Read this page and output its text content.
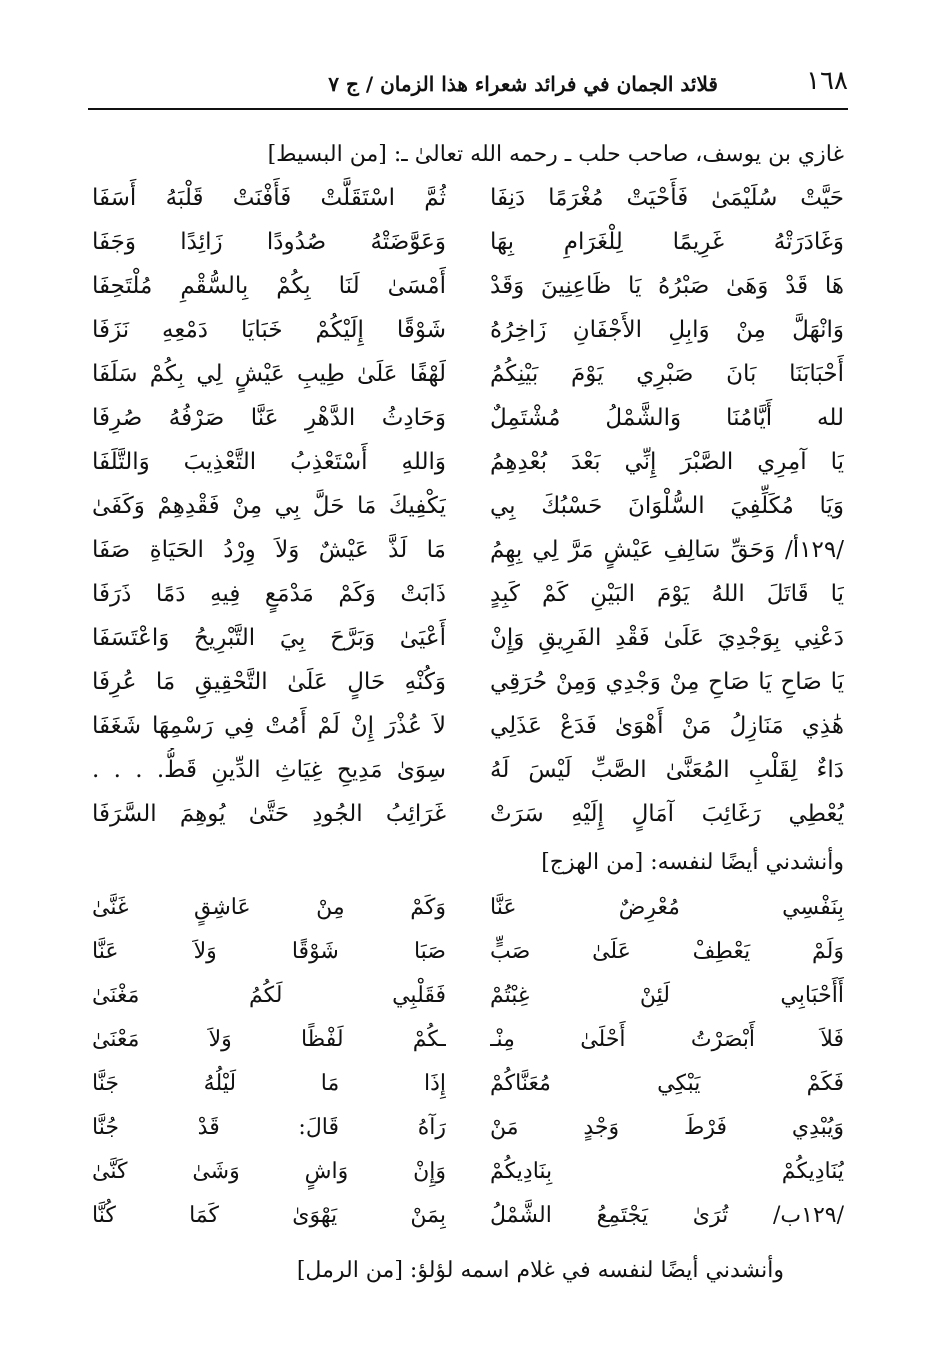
١٦٨
قلائد الجمان في فرائد شعراء هذا الزمان / ج ٧
غازي بن يوسف، صاحب حلب ـ رحمه الله تعالىٰ ـ: [من البسيط]
حَيَّتْ سُلَيْمَىٰ فَأَحْيَتْ مُغْرَمًا دَنِفَا
ثُمَّ اسْتَقَلَّتْ فَأَفْنَتْ قَلْبَهُ أَسَفَا
وَغَادَرَتْهُ غَرِيمًا لِلْغَرَامِ بِهَا
وَعَوَّضَتْهُ صُدُودًا زَائِدًا وَجَفَا
هَا قَدْ وَهَىٰ صَبْرُهُ يَا ظَاعِنِينَ وَقَدْ
أَمْسَىٰ لَنَا بِكُمْ بِالسُّقْمِ مُلْتَحِفَا
وَانْهَلَّ مِنْ وَابِلِ الأَجْفَانِ زَاخِرُهُ
شَوْقًا إِلَيْكُمْ خَبَايَا دَمْعِهِ نَزَفَا
أَحْبَابَنَا بَانَ صَبْرِي يَوْمَ بَيْنِكُمُ
لَهْفًا عَلَىٰ طِيبِ عَيْشٍ لِي بِكُمْ سَلَفَا
لله أَيَّامُنَا وَالشَّمْلُ مُشْتَمِلٌ
وَحَادِثُ الدَّهْرِ عَنَّا صَرْفُهُ صُرِفَا
يَا آمِرِي الصَّبْرَ إِنِّي بَعْدَ بُعْدِهِمُ
وَاللهِ أَسْتَعْذِبُ التَّعْذِيبَ وَالتَّلَفَا
وَيَا مُكَلِّفِيَ السُّلْوَانَ حَسْبُكَ بِي
يَكْفِيكَ مَا حَلَّ بِي مِنْ فَقْدِهِمْ وَكَفَىٰ
/١٢٩أ/ وَحَقِّ سَالِفِ عَيْشٍ مَرَّ لِي بِهِمُ
مَا لَذَّ عَيْشٌ وَلاَ وِرْدُ الحَيَاةِ صَفَا
يَا قَاتَلَ اللهُ يَوْمَ البَيْنِ كَمْ كَبِدٍ
ذَابَتْ وَكَمْ مَدْمَعٍ فِيهِ دَمًا ذَرَفَا
دَعْنِي بِوَجْدِيَ عَلَىٰ فَقْدِ الفَرِيقِ وَإِنْ
أَعْيَىٰ وَبَرَّحَ بِيَ التَّبْرِيحُ وَاعْتَسَفَا
يَا صَاحِ يَا صَاحِ مِنْ وَجْدِي وَمِنْ حُرَقِي
وَكُنْهِ حَالٍ عَلَىٰ التَّحْقِيقِ مَا عُرِفَا
هَٰذِي مَنَازِلُ مَنْ أَهْوَىٰ فَدَعْ عَذَلِي
لاَ عُذْرَ إِنْ لَمْ أَمُتْ فِي رَسْمِهَا شَغَفَا
دَاءٌ لِقَلْبِ المُعَنَّىٰ الصَّبِّ لَيْسَ لَهُ
سِوَىٰ مَدِيحِ غِيَاثِ الدِّينِ قَطُّ. . . .
يُعْطِي رَغَائِبَ آمَالٍ إِلَيْهِ سَرَتْ
غَرَائِبُ الجُودِ حَتَّىٰ يُوهِمَ السَّرَفَا
وأنشدني أيضًا لنفسه: [من الهزج]
بِنَفْسِي مُعْرِضٌ عَنَّا
وَكَمْ مِنْ عَاشِقٍ غَنَّىٰ
وَلَمْ يَعْطِفْ عَلَىٰ صَبٍّ
صَبَا شَوْقًا وَلاَ عَنَّا
أَأَحْبَابِي لَئِنْ غِبْتُمْ
فَقَلْبِي لَكُمُ مَغْنَىٰ
فَلاَ أَبْصَرْتُ أَحْلَىٰ مِنْـ
ـكُمْ لَفْظًا وَلاَ مَعْنَىٰ
فَكَمْ يَبْكِي مُعَنَّاكُمْ
إِذَا مَا لَيْلُهُ جَنَّا
وَيُبْدِي فَرْطَ وَجْدٍ مَنْ
رَآهُ قَالَ: قَدْ جُنَّا
يُنَادِيكُمْ بِنَادِيكُمْ
وَإِنْ وَاشٍ وَشَىٰ كَنَّىٰ
/١٢٩ب/ تُرَىٰ يَجْتَمِعُ الشَّمْلُ
بِمَنْ يَهْوَىٰ كَمَا كُنَّا
وأنشدني أيضًا لنفسه في غلام اسمه لؤلؤ: [من الرمل]
